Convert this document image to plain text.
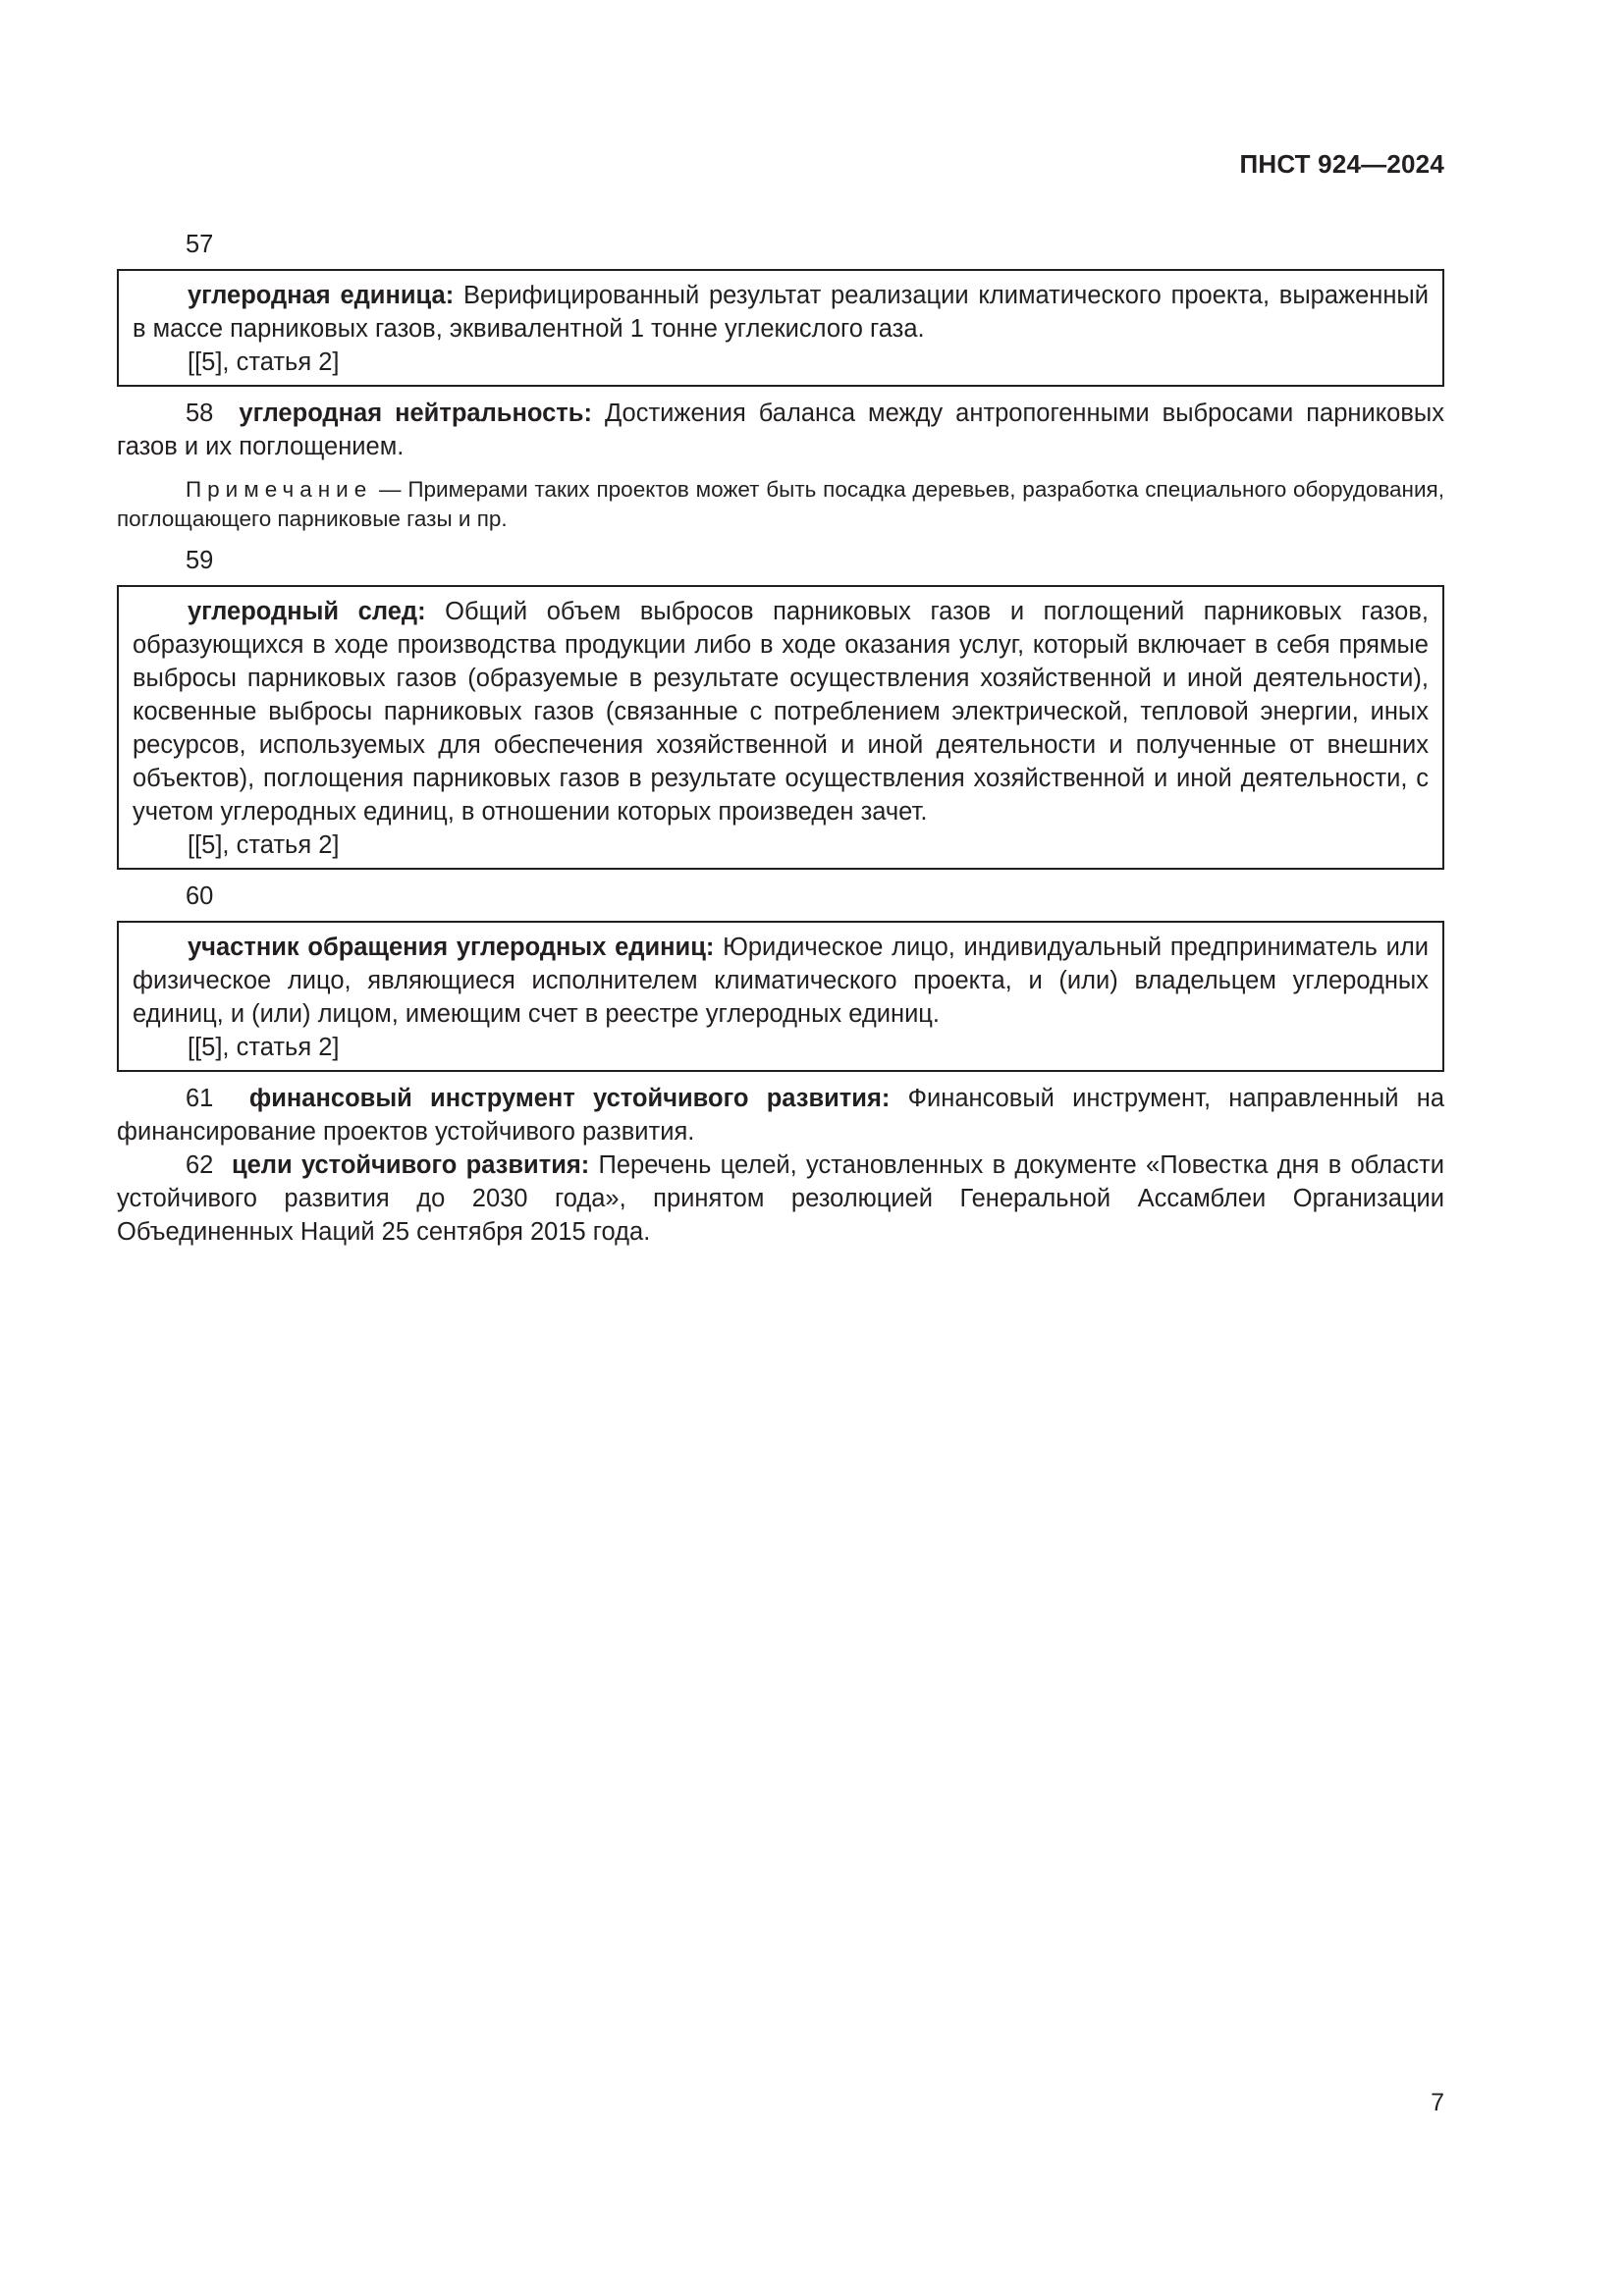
ПНСТ 924—2024

57

углеродная единица: Верифицированный результат реализации климатического проекта, выраженный в массе парниковых газов, эквивалентной 1 тонне углекислого газа.

[[5], статья 2]

58 углеродная нейтральность: Достижения баланса между антропогенными выбросами парниковых газов и их поглощением.

Примечание — Примерами таких проектов может быть посадка деревьев, разработка специального оборудования, поглощающего парниковые газы и пр.

59

углеродный след: Общий объем выбросов парниковых газов и поглощений парниковых газов, образующихся в ходе производства продукции либо в ходе оказания услуг, который включает в себя прямые выбросы парниковых газов (образуемые в результате осуществления хозяйственной и иной деятельности), косвенные выбросы парниковых газов (связанные с потреблением электрической, тепловой энергии, иных ресурсов, используемых для обеспечения хозяйственной и иной деятельности и полученные от внешних объектов), поглощения парниковых газов в результате осуществления хозяйственной и иной деятельности, с учетом углеродных единиц, в отношении которых произведен зачет.

[[5], статья 2]

60

участник обращения углеродных единиц: Юридическое лицо, индивидуальный предприниматель или физическое лицо, являющиеся исполнителем климатического проекта, и (или) владельцем углеродных единиц, и (или) лицом, имеющим счет в реестре углеродных единиц.

[[5], статья 2]

61 финансовый инструмент устойчивого развития: Финансовый инструмент, направленный на финансирование проектов устойчивого развития.

62 цели устойчивого развития: Перечень целей, установленных в документе «Повестка дня в области устойчивого развития до 2030 года», принятом резолюцией Генеральной Ассамблеи Организации Объединенных Наций 25 сентября 2015 года.

7
